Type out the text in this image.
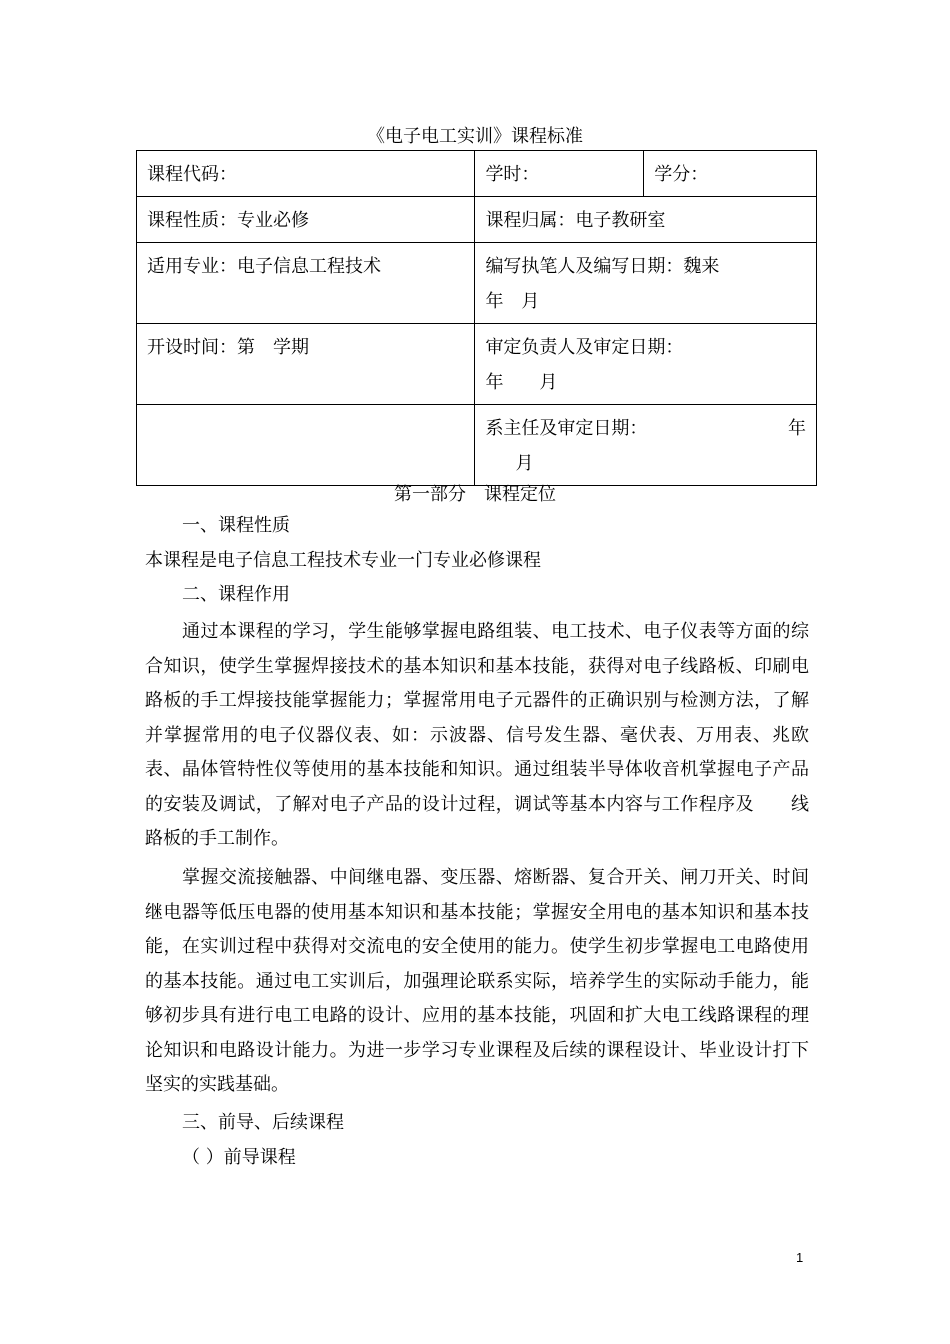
《电子电工实训》课程标准
课程代码：	学时：	学分：
课程性质：专业必修	课程归属：电子教研室	
适用专业：电子信息工程技术	编写执笔人及编写日期：魏来
年　月	

开设时间：第　学期	审定负责人及审定日期：
年　　月	

	系主任及审定日期： 年
月	
第一部分　课程定位
一、课程性质
本课程是电子信息工程技术专业一门专业必修课程
二、课程作用
通过本课程的学习，学生能够掌握电路组装、电工技术、电子仪表等方面的综合知识，使学生掌握焊接技术的基本知识和基本技能，获得对电子线路板、印刷电路板的手工焊接技能掌握能力；掌握常用电子元器件的正确识别与检测方法，了解并掌握常用的电子仪器仪表、如：示波器、信号发生器、毫伏表、万用表、兆欧表、晶体管特性仪等使用的基本技能和知识。通过组装半导体收音机掌握电子产品的安装及调试，了解对电子产品的设计过程，调试等基本内容与工作程序及　　线路板的手工制作。
掌握交流接触器、中间继电器、变压器、熔断器、复合开关、闸刀开关、时间继电器等低压电器的使用基本知识和基本技能；掌握安全用电的基本知识和基本技能，在实训过程中获得对交流电的安全使用的能力。使学生初步掌握电工电路使用的基本技能。通过电工实训后，加强理论联系实际，培养学生的实际动手能力，能够初步具有进行电工电路的设计、应用的基本技能，巩固和扩大电工线路课程的理论知识和电路设计能力。为进一步学习专业课程及后续的课程设计、毕业设计打下坚实的实践基础。
三、前导、后续课程
（ ）前导课程
1
